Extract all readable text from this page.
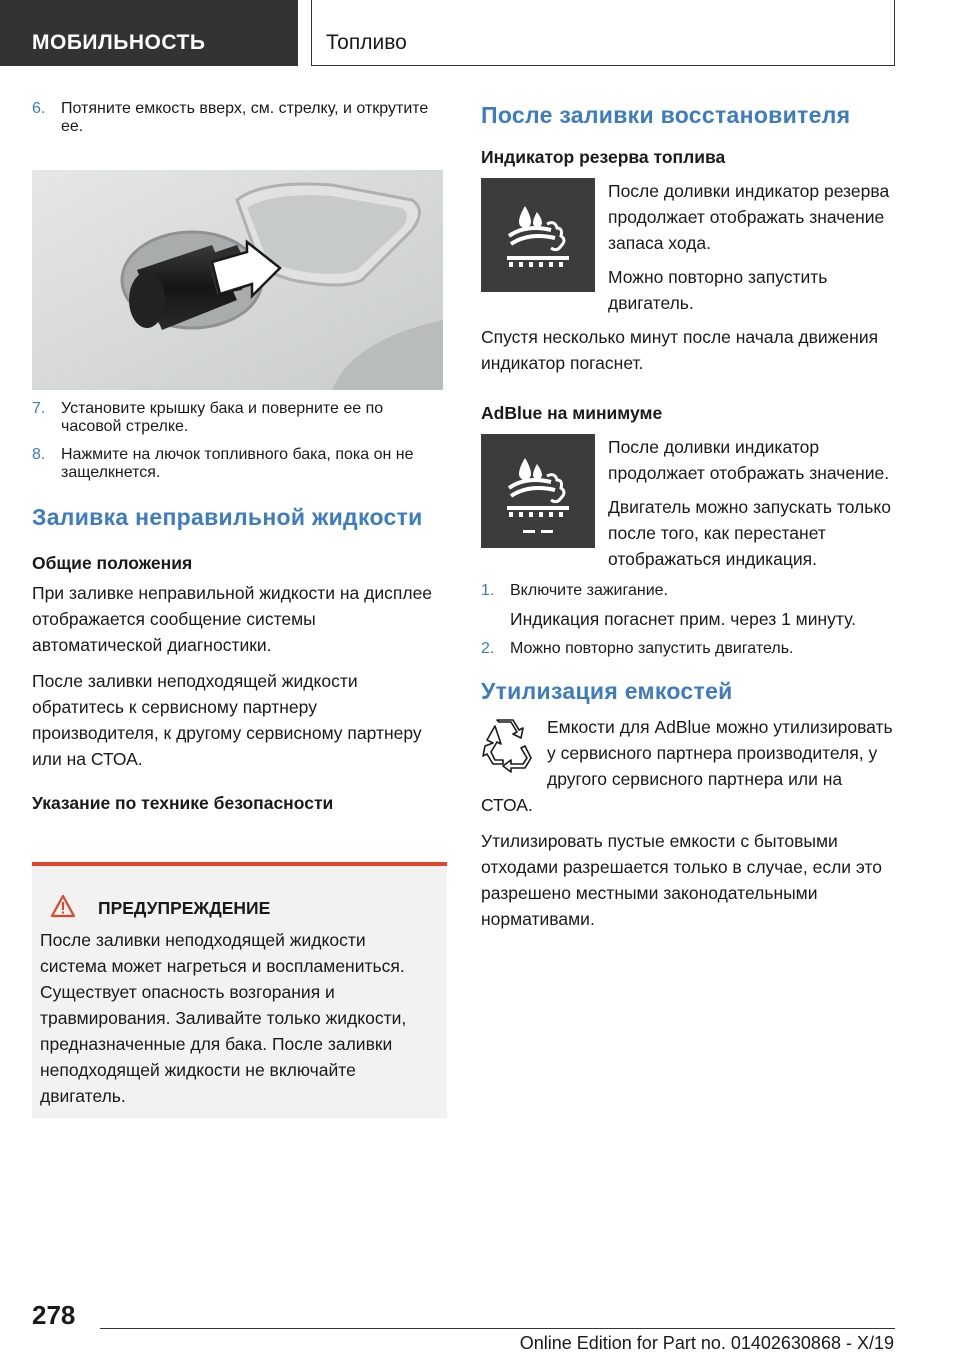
МОБИЛЬНОСТЬ	Топливо
6. Потяните емкость вверх, см. стрелку, и открутите ее.
7. Установите крышку бака и поверните ее по часовой стрелке.
8. Нажмите на лючок топливного бака, пока он не защелкнется.
Заливка неправильной жидкости
Общие положения

При заливке неправильной жидкости на дисплее отображается сообщение системы автоматической диагностики.

После заливки неподходящей жидкости обратитесь к сервисному партнеру производителя, к другому сервисному партнеру или на СТОА.

Указание по технике безопасности
ПРЕДУПРЕЖДЕНИЕ

После заливки неподходящей жидкости система может нагреться и воспламениться. Существует опасность возгорания и травмирования. Заливайте только жидкости, предназначенные для бака. После заливки неподходящей жидкости не включайте двигатель.

После заливки восстановителя
Индикатор резерва топлива

После доливки индикатор резерва продолжает отображать значение запаса хода.

Можно повторно запустить двигатель.

Спустя несколько минут после начала движения индикатор погаснет.

AdBlue на минимуме

После доливки индикатор продолжает отображать значение.

Двигатель можно запускать только после того, как перестанет отображаться индикация.

1. Включите зажигание.
Индикация погаснет прим. через 1 минуту.
2. Можно повторно запустить двигатель.
Утилизация емкостей

Емкости для AdBlue можно утилизировать у сервисного партнера производителя, у другого сервисного партнера или на СТОА.

Утилизировать пустые емкости с бытовыми отходами разрешается только в случае, если это разрешено местными законодательными нормативами.

278
Online Edition for Part no. 01402630868 - X/19
